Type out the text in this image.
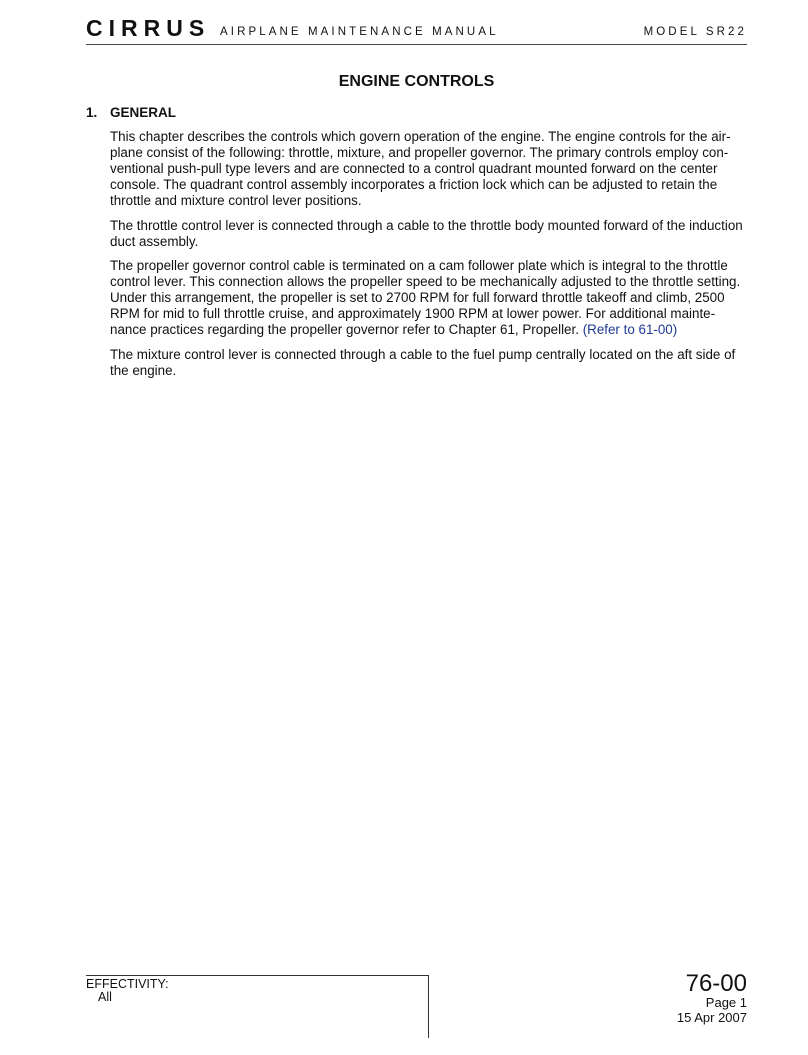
CIRRUS AIRPLANE MAINTENANCE MANUAL	MODEL SR22
ENGINE CONTROLS
1. GENERAL

This chapter describes the controls which govern operation of the engine. The engine controls for the air- plane consist of the following: throttle, mixture, and propeller governor. The primary controls employ con- ventional push-pull type levers and are connected to a control quadrant mounted forward on the center console. The quadrant control assembly incorporates a friction lock which can be adjusted to retain the throttle and mixture control lever positions.

The throttle control lever is connected through a cable to the throttle body mounted forward of the induction duct assembly.

The propeller governor control cable is terminated on a cam follower plate which is integral to the throttle control lever. This connection allows the propeller speed to be mechanically adjusted to the throttle setting. Under this arrangement, the propeller is set to 2700 RPM for full forward throttle takeoff and climb, 2500 RPM for mid to full throttle cruise, and approximately 1900 RPM at lower power. For additional mainte- nance practices regarding the propeller governor refer to Chapter 61, Propeller. (Refer to 61-00)

The mixture control lever is connected through a cable to the fuel pump centrally located on the aft side of the engine.

EFFECTIVITY:
All	76-00
Page 1
15 Apr 2007
